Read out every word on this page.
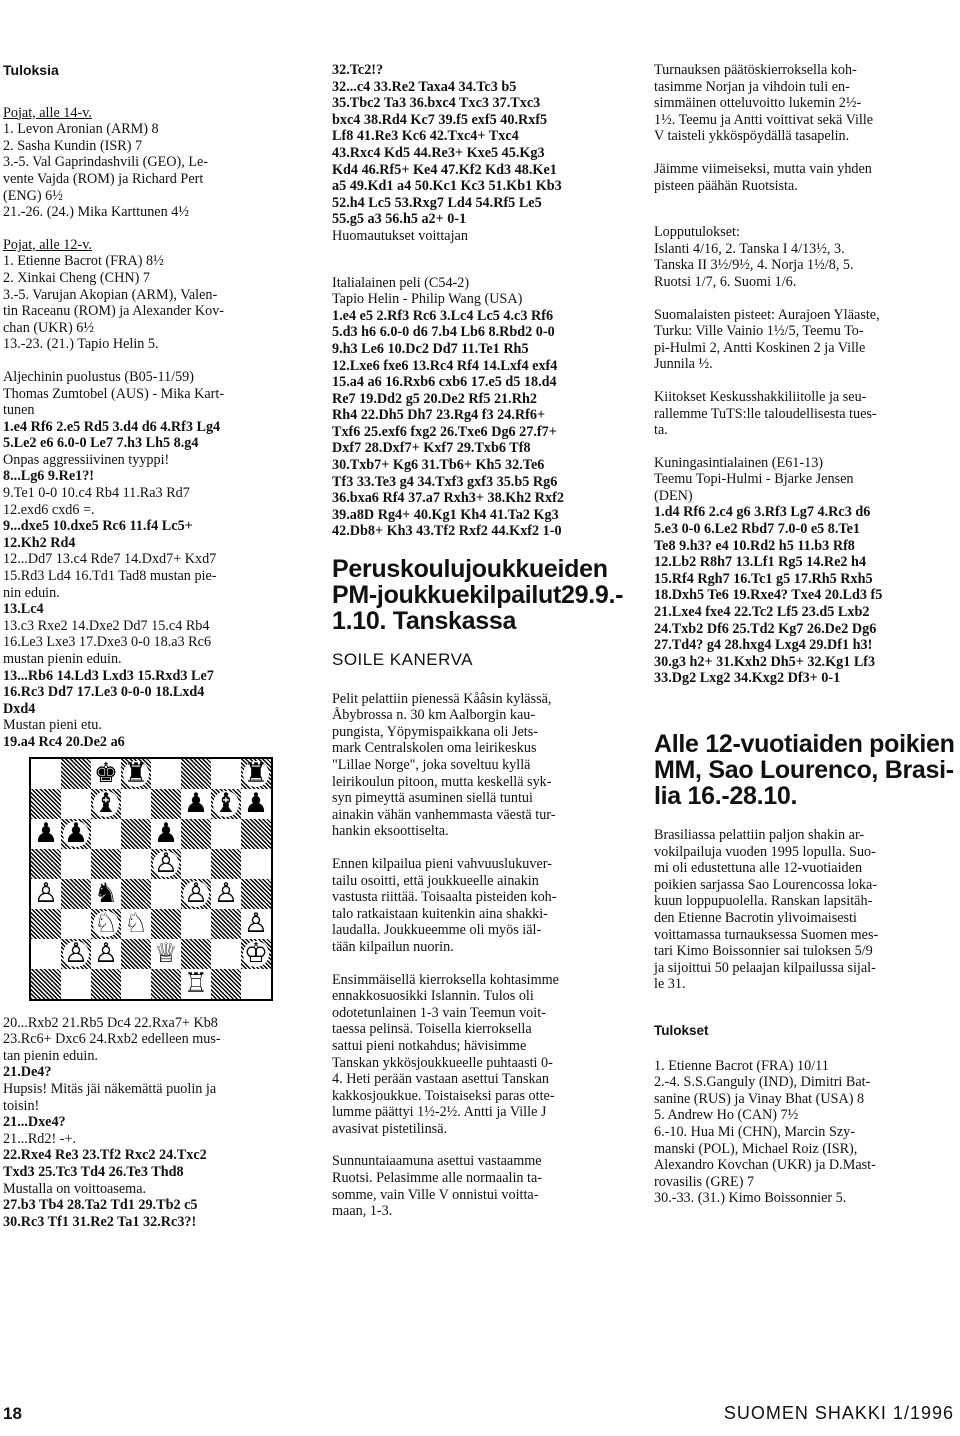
Tuloksia
Pojat, alle 14-v.
1. Levon Aronian (ARM) 8
2. Sasha Kundin (ISR) 7
3.-5. Val Gaprindashvili (GEO), Le-
vente Vajda (ROM) ja Richard Pert
(ENG) 6½
21.-26. (24.) Mika Karttunen 4½
Pojat, alle 12-v.
1. Etienne Bacrot (FRA) 8½
2. Xinkai Cheng (CHN) 7
3.-5. Varujan Akopian (ARM), Valen-
tin Raceanu (ROM) ja Alexander Kov-
chan (UKR) 6½
13.-23. (21.) Tapio Helin 5.
Aljechinin puolustus (B05-11/59)
Thomas Zumtobel (AUS) - Mika Kart-
tunen
1.e4 Rf6 2.e5 Rd5 3.d4 d6 4.Rf3 Lg4
5.Le2 e6 6.0-0 Le7 7.h3 Lh5 8.g4
Onpas aggressiivinen tyyppi!
8...Lg6 9.Re1?!
9.Te1 0-0 10.c4 Rb4 11.Ra3 Rd7
12.exd6 cxd6 =.
9...dxe5 10.dxe5 Rc6 11.f4 Lc5+
12.Kh2 Rd4
12...Dd7 13.c4 Rde7 14.Dxd7+ Kxd7
15.Rd3 Ld4 16.Td1 Tad8 mustan pie-
nin eduin.
13.Lc4
13.c3 Rxe2 14.Dxe2 Dd7 15.c4 Rb4
16.Le3 Lxe3 17.Dxe3 0-0 18.a3 Rc6
mustan pienin eduin.
13...Rb6 14.Ld3 Lxd3 15.Rxd3 Le7
16.Rc3 Dd7 17.Le3 0-0-0 18.Lxd4
Dxd4
Mustan pieni etu.
19.a4 Rc4 20.De2 a6
♚ ♜	♜
♝ ♟ ♝ ♟
♟ ♟ ♟
♙
♙ ♞ ♙ ♙
♘ ♘	♙
♙ ♙ ♕ ♔
♖
20...Rxb2 21.Rb5 Dc4 22.Rxa7+ Kb8
23.Rc6+ Dxc6 24.Rxb2 edelleen mus-
tan pienin eduin.
21.De4?
Hupsis! Mitäs jäi näkemättä puolin ja
toisin!
21...Dxe4?
21...Rd2! -+.
22.Rxe4 Re3 23.Tf2 Rxc2 24.Txc2
Txd3 25.Tc3 Td4 26.Te3 Thd8
Mustalla on voittoasema.
27.b3 Tb4 28.Ta2 Td1 29.Tb2 c5
30.Rc3 Tf1 31.Re2 Ta1 32.Rc3?!
32.Tc2!?
32...c4 33.Re2 Taxa4 34.Tc3 b5
35.Tbc2 Ta3 36.bxc4 Txc3 37.Txc3
bxc4 38.Rd4 Kc7 39.f5 exf5 40.Rxf5
Lf8 41.Re3 Kc6 42.Txc4+ Txc4
43.Rxc4 Kd5 44.Re3+ Kxe5 45.Kg3
Kd4 46.Rf5+ Ke4 47.Kf2 Kd3 48.Ke1
a5 49.Kd1 a4 50.Kc1 Kc3 51.Kb1 Kb3
52.h4 Lc5 53.Rxg7 Ld4 54.Rf5 Le5
55.g5 a3 56.h5 a2+ 0-1
Huomautukset voittajan
Italialainen peli (C54-2)
Tapio Helin - Philip Wang (USA)
1.e4 e5 2.Rf3 Rc6 3.Lc4 Lc5 4.c3 Rf6
5.d3 h6 6.0-0 d6 7.b4 Lb6 8.Rbd2 0-0
9.h3 Le6 10.Dc2 Dd7 11.Te1 Rh5
12.Lxe6 fxe6 13.Rc4 Rf4 14.Lxf4 exf4
15.a4 a6 16.Rxb6 cxb6 17.e5 d5 18.d4
Re7 19.Dd2 g5 20.De2 Rf5 21.Rh2
Rh4 22.Dh5 Dh7 23.Rg4 f3 24.Rf6+
Txf6 25.exf6 fxg2 26.Txe6 Dg6 27.f7+
Dxf7 28.Dxf7+ Kxf7 29.Txb6 Tf8
30.Txb7+ Kg6 31.Tb6+ Kh5 32.Te6
Tf3 33.Te3 g4 34.Txf3 gxf3 35.b5 Rg6
36.bxa6 Rf4 37.a7 Rxh3+ 38.Kh2 Rxf2
39.a8D Rg4+ 40.Kg1 Kh4 41.Ta2 Kg3
42.Db8+ Kh3 43.Tf2 Rxf2 44.Kxf2 1-0
Peruskoulujoukkueiden
PM-joukkuekilpailut29.9.-
1.10. Tanskassa
SOILE KANERVA
Pelit pelattiin pienessä Kåâsin kylässä,
Åbybrossa n. 30 km Aalborgin kau-
pungista, Yöpymispaikkana oli Jets-
mark Centralskolen oma leirikeskus
"Lillae Norge", joka soveltuu kyllä
leirikoulun pitoon, mutta keskellä syk-
syn pimeyttä asuminen siellä tuntui
ainakin vähän vanhemmasta väestä tur-
hankin eksoottiselta.
Ennen kilpailua pieni vahvuuslukuver-
tailu osoitti, että joukkueelle ainakin
vastusta riittää. Toisaalta pisteiden koh-
talo ratkaistaan kuitenkin aina shakki-
laudalla. Joukkueemme oli myös iäl-
tään kilpailun nuorin.
Ensimmäisellä kierroksella kohtasimme
ennakkosuosikki Islannin. Tulos oli
odotetunlainen 1-3 vain Teemun voit-
taessa pelinsä. Toisella kierroksella
sattui pieni notkahdus; hävisimme
Tanskan ykkösjoukkueelle puhtaasti 0-
4. Heti perään vastaan asettui Tanskan
kakkosjoukkue. Toistaiseksi paras otte-
lumme päättyi 1½-2½. Antti ja Ville J
avasivat pistetilinsä.
Sunnuntaiaamuna asettui vastaamme
Ruotsi. Pelasimme alle normaalin ta-
somme, vain Ville V onnistui voitta-
maan, 1-3.
Turnauksen päätöskierroksella koh-
tasimme Norjan ja vihdoin tuli en-
simmäinen otteluvoitto lukemin 2½-
1½. Teemu ja Antti voittivat sekä Ville
V taisteli ykköspöydällä tasapelin.
Jäimme viimeiseksi, mutta vain yhden
pisteen päähän Ruotsista.
Lopputulokset:
Islanti 4/16, 2. Tanska I 4/13½, 3.
Tanska II 3½/9½, 4. Norja 1½/8, 5.
Ruotsi 1/7, 6. Suomi 1/6.
Suomalaisten pisteet: Aurajoen Yläaste,
Turku: Ville Vainio 1½/5, Teemu To-
pi-Hulmi 2, Antti Koskinen 2 ja Ville
Junnila ½.
Kiitokset Keskusshakkiliitolle ja seu-
rallemme TuTS:lle taloudellisesta tues-
ta.
Kuningasintialainen (E61-13)
Teemu Topi-Hulmi - Bjarke Jensen
(DEN)
1.d4 Rf6 2.c4 g6 3.Rf3 Lg7 4.Rc3 d6
5.e3 0-0 6.Le2 Rbd7 7.0-0 e5 8.Te1
Te8 9.h3? e4 10.Rd2 h5 11.b3 Rf8
12.Lb2 R8h7 13.Lf1 Rg5 14.Re2 h4
15.Rf4 Rgh7 16.Tc1 g5 17.Rh5 Rxh5
18.Dxh5 Te6 19.Rxe4? Txe4 20.Ld3 f5
21.Lxe4 fxe4 22.Tc2 Lf5 23.d5 Lxb2
24.Txb2 Df6 25.Td2 Kg7 26.De2 Dg6
27.Td4? g4 28.hxg4 Lxg4 29.Df1 h3!
30.g3 h2+ 31.Kxh2 Dh5+ 32.Kg1 Lf3
33.Dg2 Lxg2 34.Kxg2 Df3+ 0-1
Alle 12-vuotiaiden poikien
MM, Sao Lourenco, Brasi-
lia 16.-28.10.
Brasiliassa pelattiin paljon shakin ar-
vokilpailuja vuoden 1995 lopulla. Suo-
mi oli edustettuna alle 12-vuotiaiden
poikien sarjassa Sao Lourencossa loka-
kuun loppupuolella. Ranskan lapsitäh-
den Etienne Bacrotin ylivoimaisesti
voittamassa turnauksessa Suomen mes-
tari Kimo Boissonnier sai tuloksen 5/9
ja sijoittui 50 pelaajan kilpailussa sijal-
le 31.
Tulokset
1. Etienne Bacrot (FRA) 10/11
2.-4. S.S.Ganguly (IND), Dimitri Bat-
sanine (RUS) ja Vinay Bhat (USA) 8
5. Andrew Ho (CAN) 7½
6.-10. Hua Mi (CHN), Marcin Szy-
manski (POL), Michael Roiz (ISR),
Alexandro Kovchan (UKR) ja D.Mast-
rovasilis (GRE) 7
30.-33. (31.) Kimo Boissonnier 5.
18	SUOMEN SHAKKI 1/1996
